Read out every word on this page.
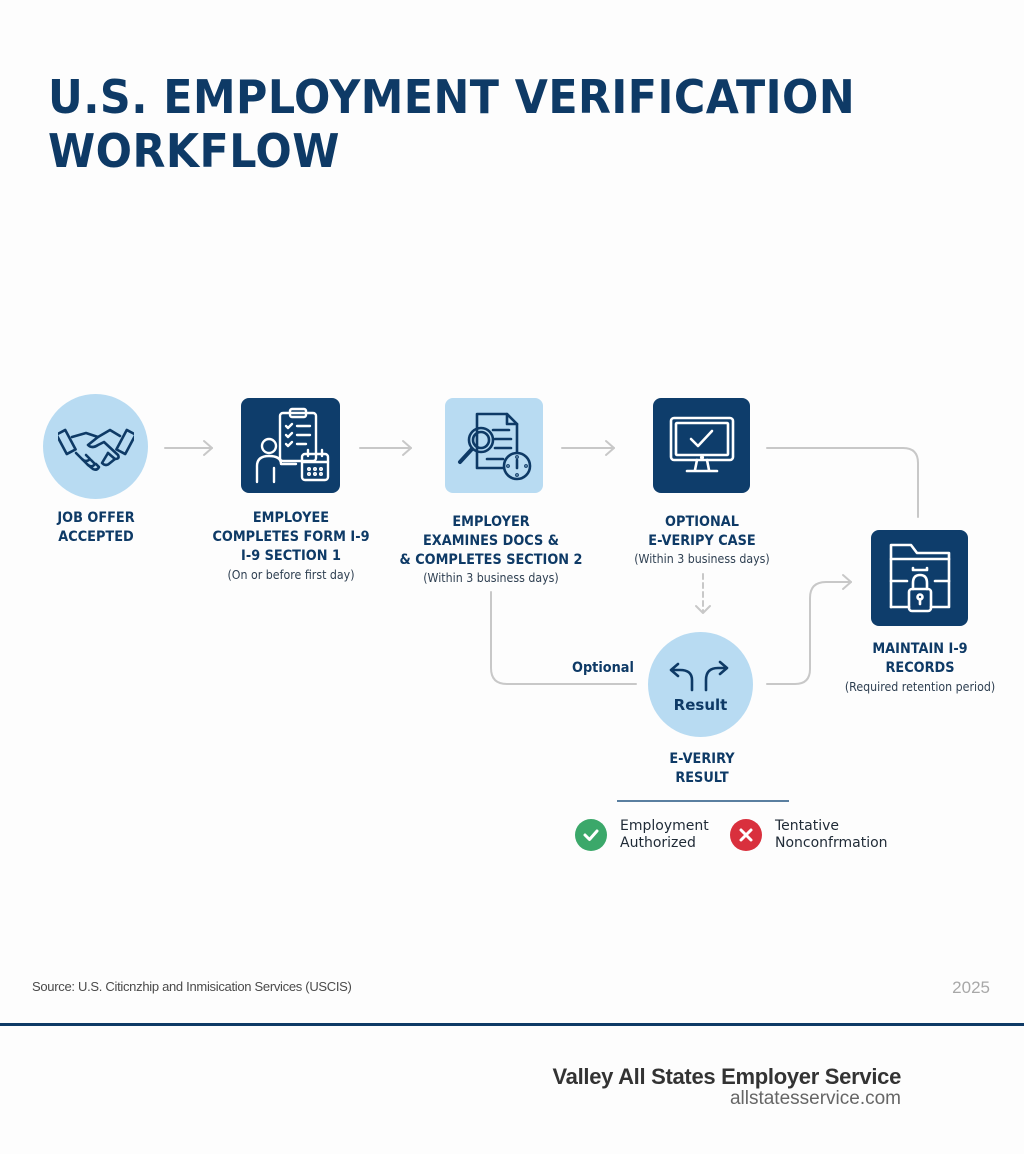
U.S. EMPLOYMENT VERIFICATION
WORKFLOW
JOB OFFER
ACCEPTED
EMPLOYEE
COMPLETES FORM I-9
I-9 SECTION 1
(On or before first day)
EMPLOYER
EXAMINES DOCS &
& COMPLETES SECTION 2
(Within 3 business days)
OPTIONAL
E-VERIPY CASE
(Within 3 business days)
MAINTAIN I-9
RECORDS
(Required retention period)
Optional
Result
E-VERIRY
RESULT
Employment
Authorized
Tentative
Nonconfrmation
Source: U.S. Citicnzhip and Inmisication Services (USCIS)	2025
Valley All States Employer Service
allstatesservice.com
